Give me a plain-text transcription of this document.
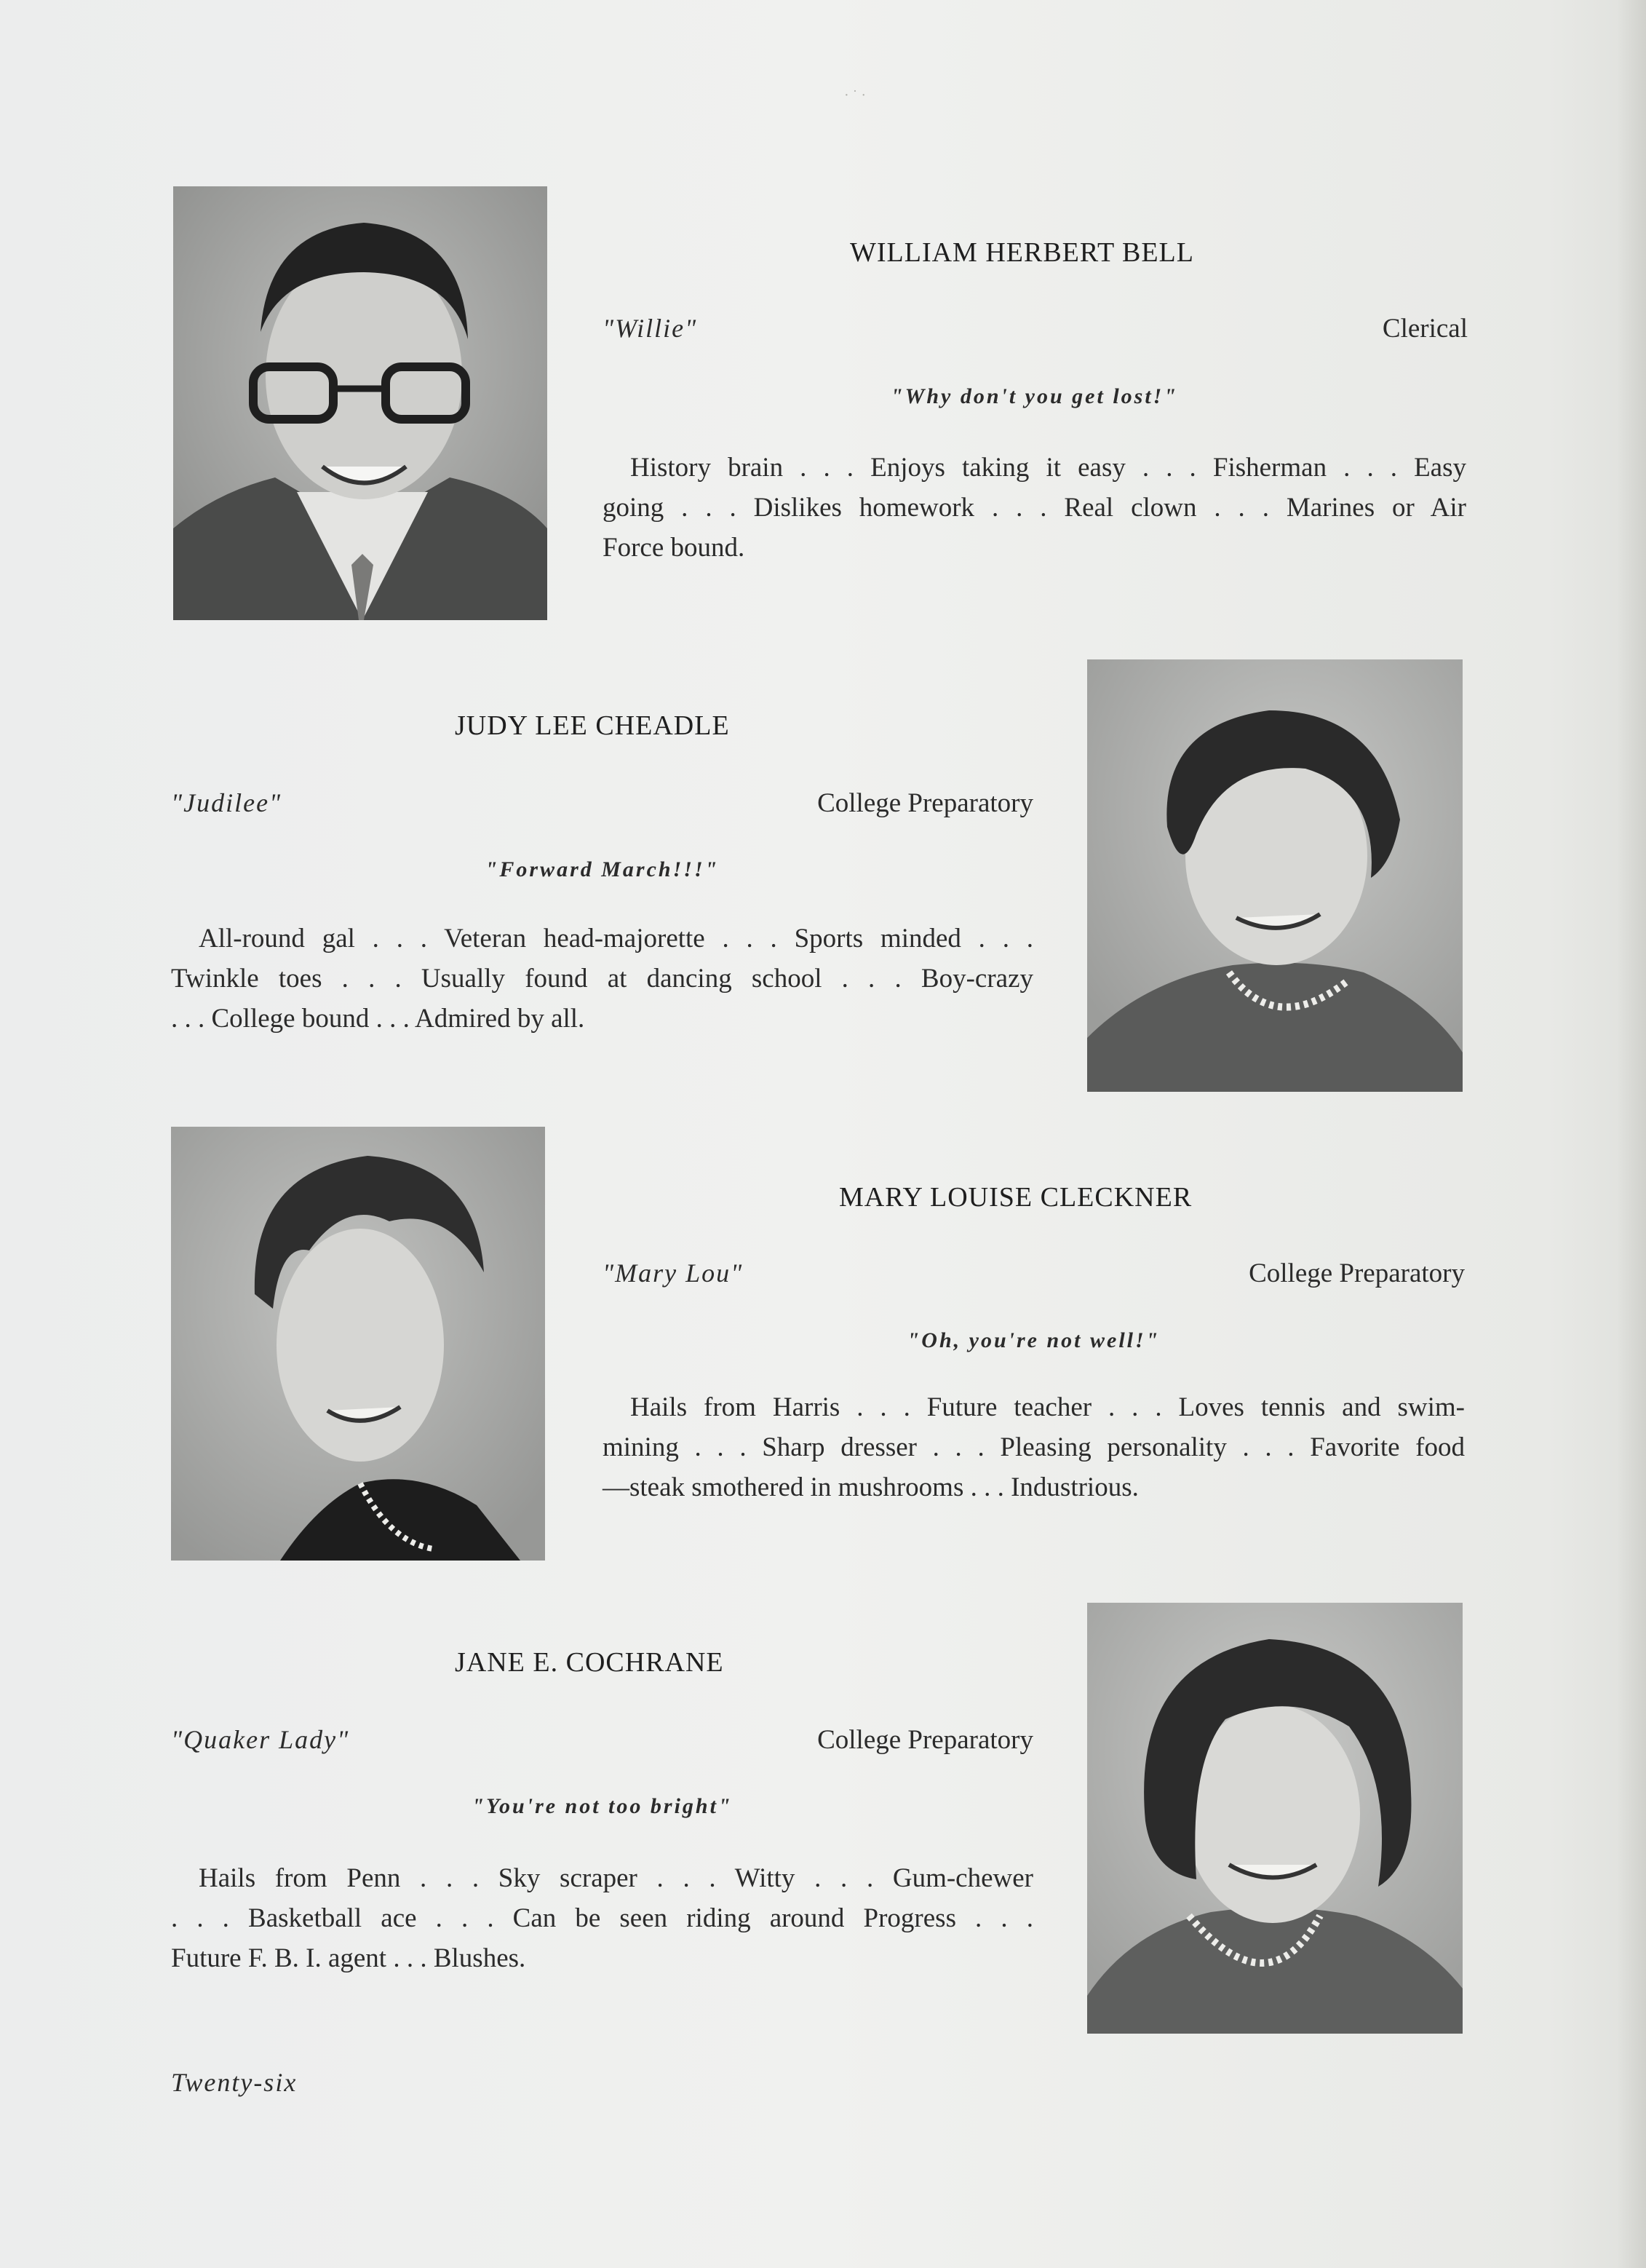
· ˙ ·
WILLIAM HERBERT BELL
"Willie"	Clerical
"Why don't you get lost!"
History brain . . . Enjoys taking it easy . . . Fisherman . . . Easy
going . . . Dislikes homework . . . Real clown . . . Marines or Air
Force bound.
JUDY LEE CHEADLE
"Judilee"	College Preparatory
"Forward March!!!"
All-round gal . . . Veteran head-majorette . . . Sports minded . . .
Twinkle toes . . . Usually found at dancing school . . . Boy-crazy
. . . College bound . . . Admired by all.
MARY LOUISE CLECKNER
"Mary Lou"	College Preparatory
"Oh, you're not well!"
Hails from Harris . . . Future teacher . . . Loves tennis and swim-
mining . . . Sharp dresser . . . Pleasing personality . . . Favorite food
—steak smothered in mushrooms . . . Industrious.
JANE E. COCHRANE
"Quaker Lady"	College Preparatory
"You're not too bright"
Hails from Penn . . . Sky scraper . . . Witty . . . Gum-chewer
. . . Basketball ace . . . Can be seen riding around Progress . . .
Future F. B. I. agent . . . Blushes.
Twenty-six
